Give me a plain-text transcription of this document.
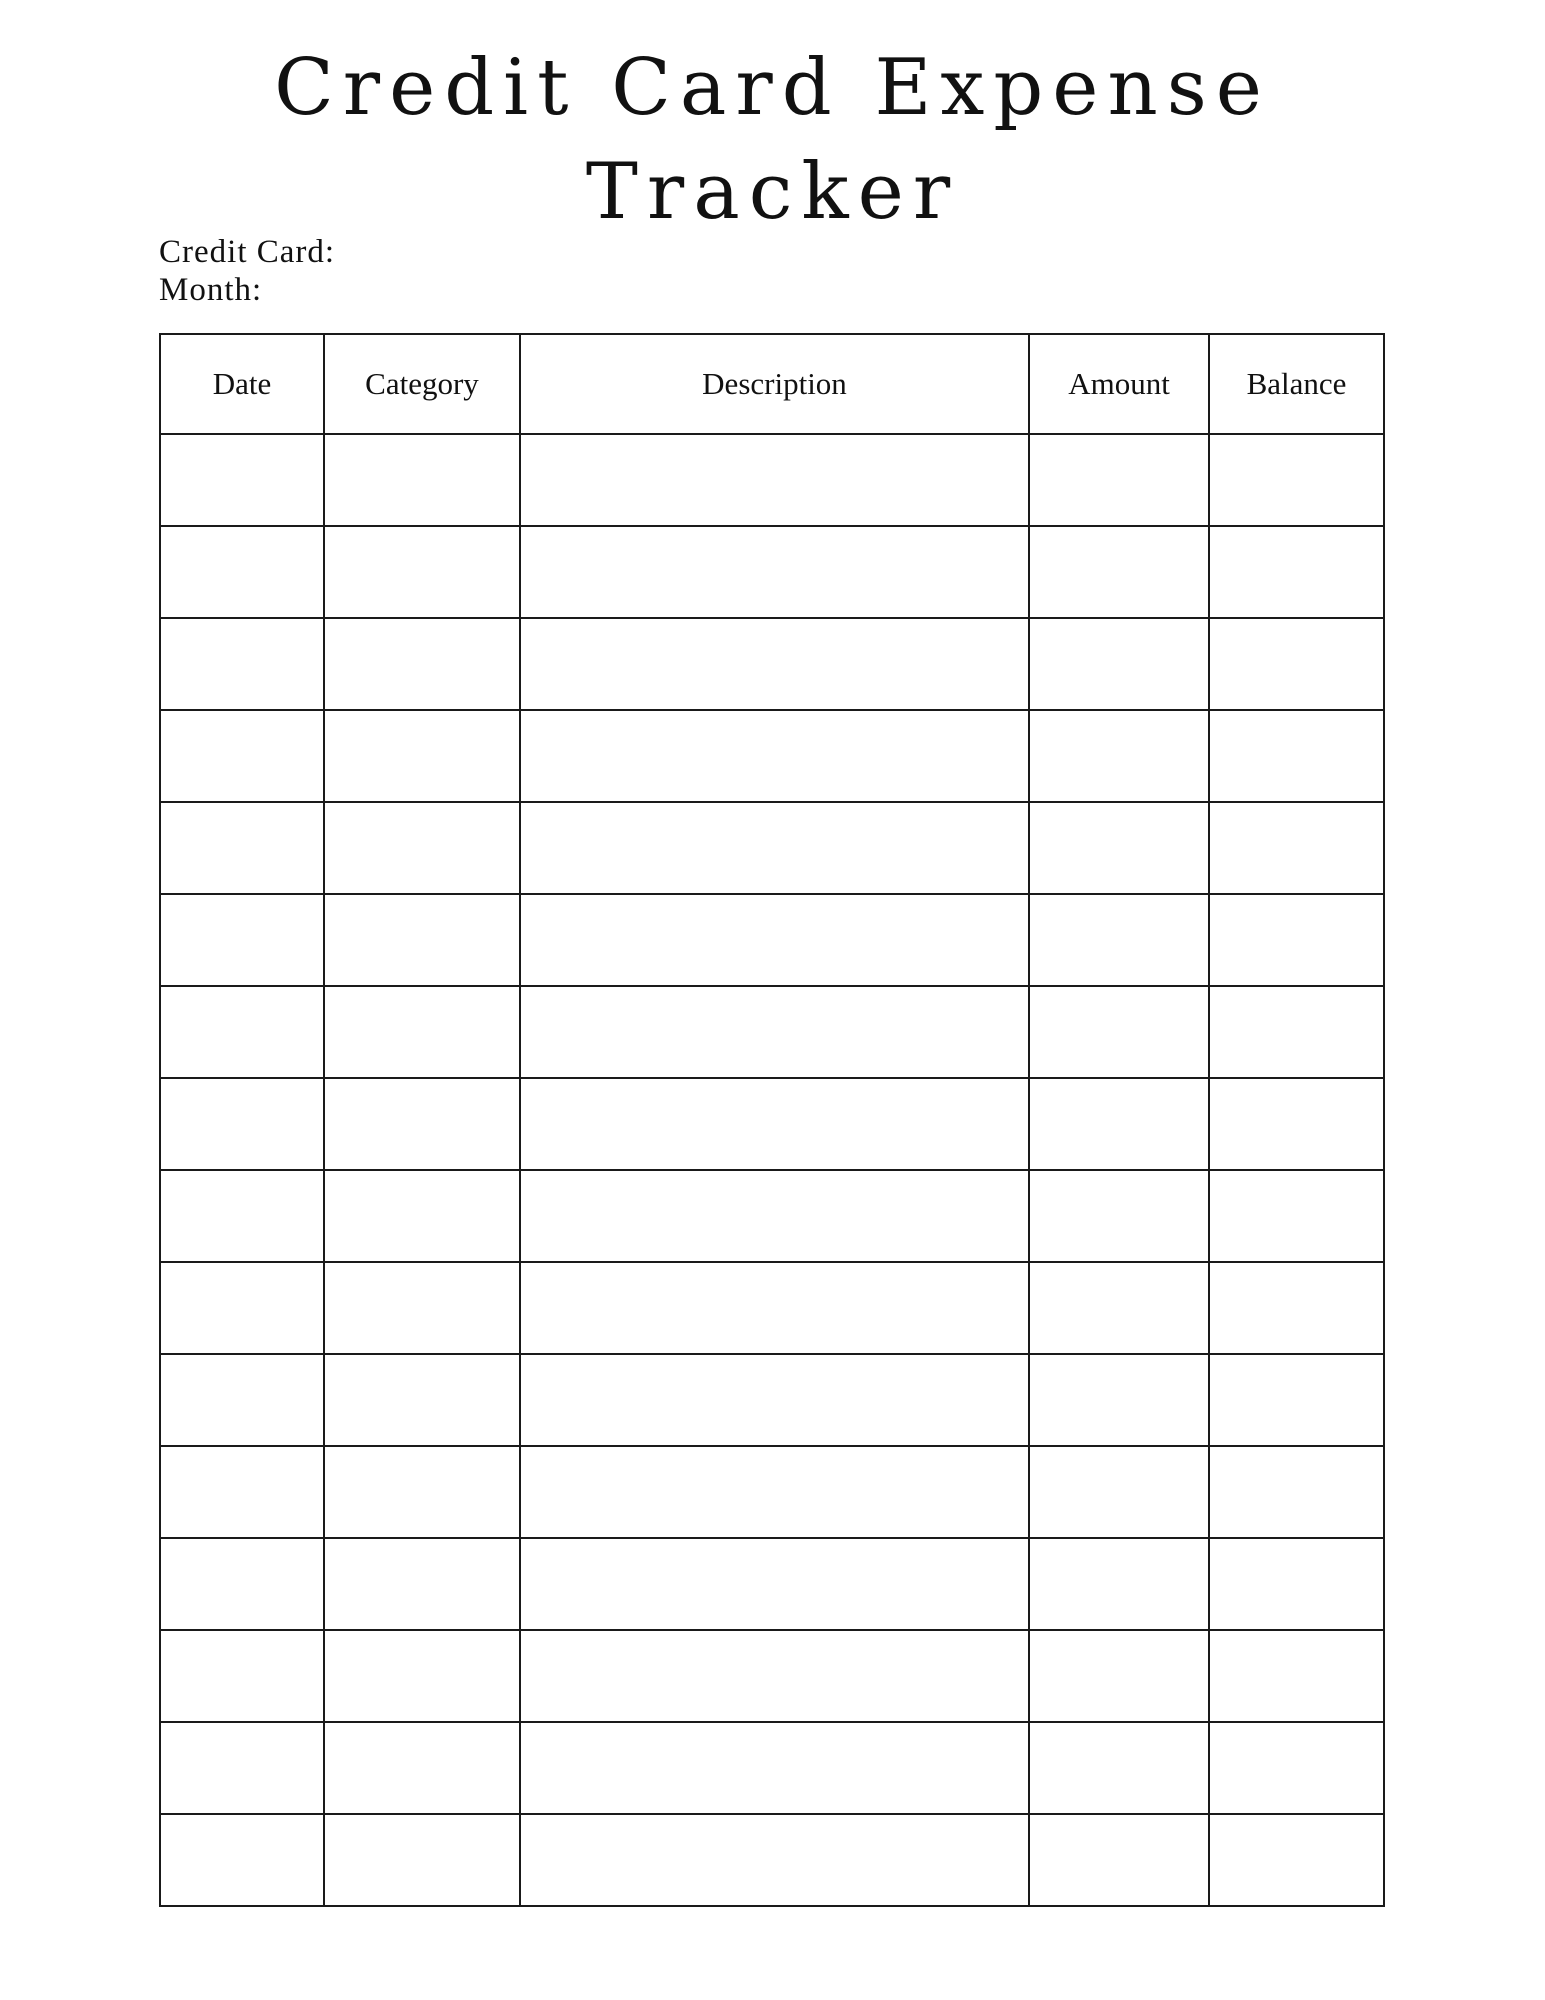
Credit Card Expense
Tracker
Credit Card:
Month:
Date	Category	Description	Amount	Balance
